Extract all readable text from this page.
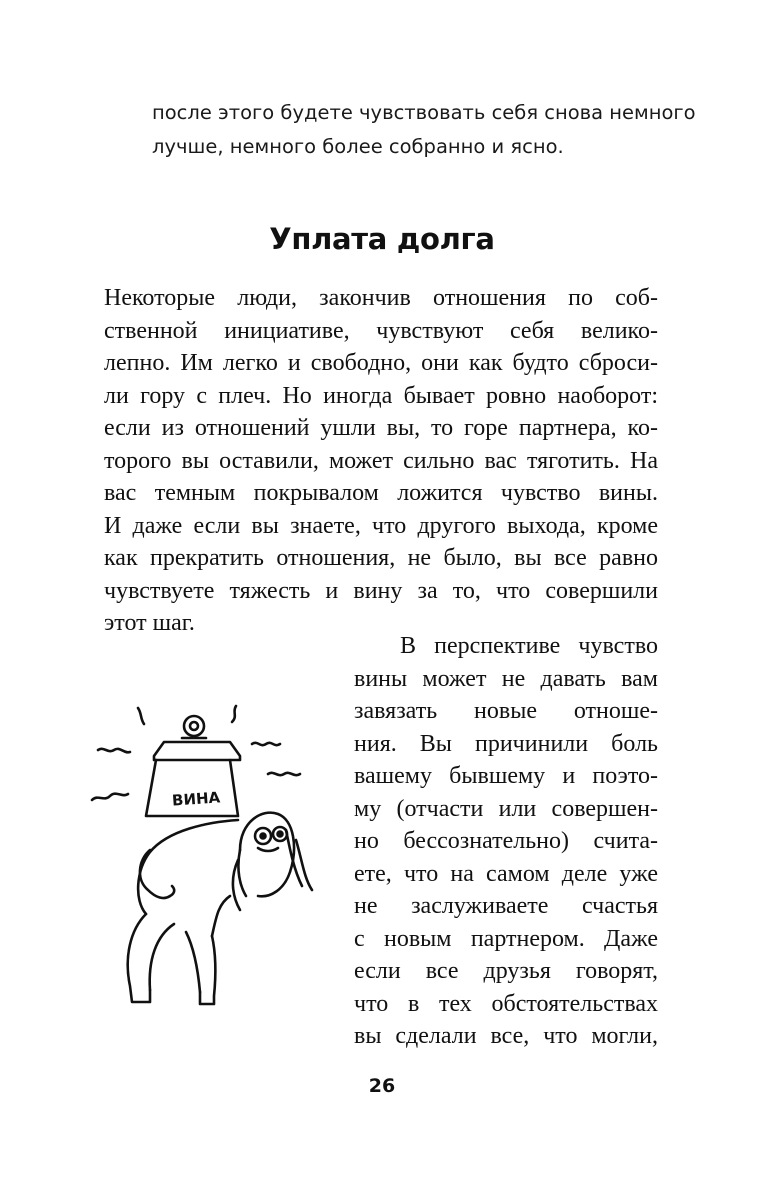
после этого будете чувствовать себя снова немного
лучше, немного более собранно и ясно.
Уплата долга
Некоторые люди, закончив отношения по соб-
ственной инициативе, чувствуют себя велико-
лепно. Им легко и свободно, они как будто сброси-
ли гору с плеч. Но иногда бывает ровно наоборот:
если из отношений ушли вы, то горе партнера, ко-
торого вы оставили, может сильно вас тяготить. На
вас темным покрывалом ложится чувство вины.
И даже если вы знаете, что другого выхода, кроме
как прекратить отношения, не было, вы все равно
чувствуете тяжесть и вину за то, что совершили
этот шаг.
В перспективе чувство
вины может не давать вам
завязать новые отноше-
ния. Вы причинили боль
вашему бывшему и поэто-
му (отчасти или совершен-
но бессознательно) счита-
ете, что на самом деле уже
не заслуживаете счастья
с новым партнером. Даже
если все друзья говорят,
что в тех обстоятельствах
вы сделали все, что могли,
ВИНА
26
